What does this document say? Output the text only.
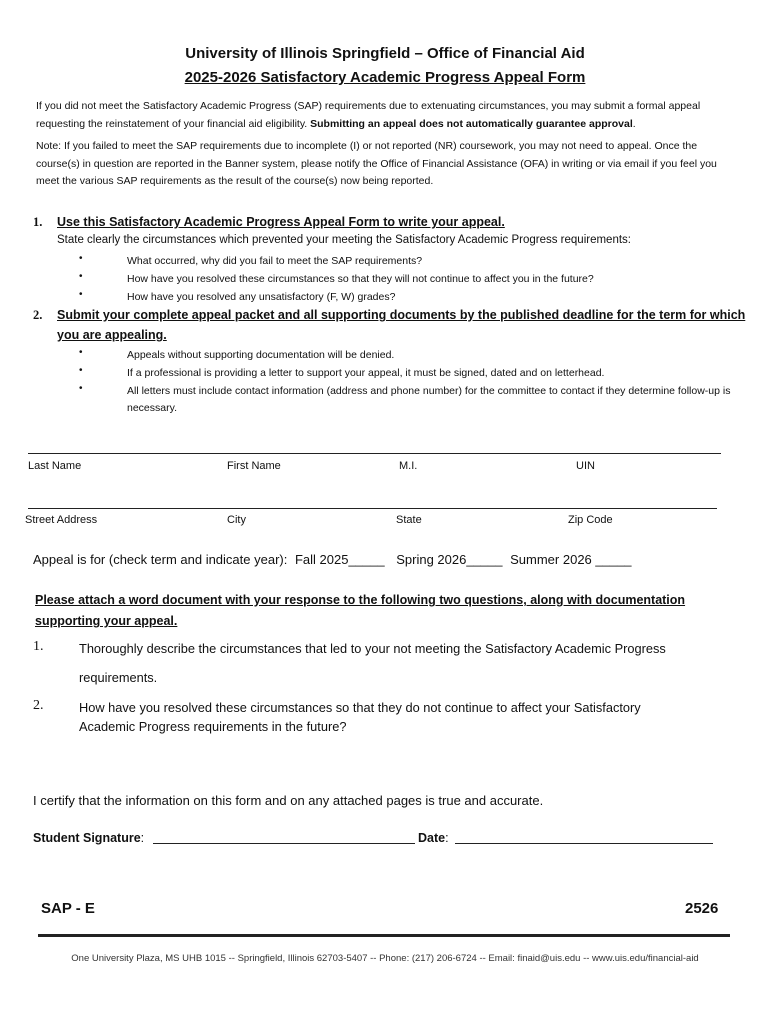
University of Illinois Springfield – Office of Financial Aid
2025-2026 Satisfactory Academic Progress Appeal Form
If you did not meet the Satisfactory Academic Progress (SAP) requirements due to extenuating circumstances, you may submit a formal appeal requesting the reinstatement of your financial aid eligibility. Submitting an appeal does not automatically guarantee approval.
Note: If you failed to meet the SAP requirements due to incomplete (I) or not reported (NR) coursework, you may not need to appeal. Once the course(s) in question are reported in the Banner system, please notify the Office of Financial Assistance (OFA) in writing or via email if you feel you meet the various SAP requirements as the result of the course(s) now being reported.
1. Use this Satisfactory Academic Progress Appeal Form to write your appeal.
State clearly the circumstances which prevented your meeting the Satisfactory Academic Progress requirements:
•	What occurred, why did you fail to meet the SAP requirements?
•	How have you resolved these circumstances so that they will not continue to affect you in the future?
•	How have you resolved any unsatisfactory (F, W) grades?
2. Submit your complete appeal packet and all supporting documents by the published deadline for the term for which you are appealing.
•	Appeals without supporting documentation will be denied.
•	If a professional is providing a letter to support your appeal, it must be signed, dated and on letterhead.
•	All letters must include contact information (address and phone number) for the committee to contact if they determine follow-up is necessary.
Last Name	First Name	M.I.	UIN
Street Address	City	State	Zip Code
Appeal is for (check term and indicate year): Fall 2025_____ Spring 2026_____ Summer 2026 _____
Please attach a word document with your response to the following two questions, along with documentation supporting your appeal.
1.	Thoroughly describe the circumstances that led to your not meeting the Satisfactory Academic Progress
requirements.
2.	How have you resolved these circumstances so that they do not continue to affect your Satisfactory
Academic Progress requirements in the future?
I certify that the information on this form and on any attached pages is true and accurate.
Student Signature:	Date:
SAP - E	2526
One University Plaza, MS UHB 1015 -- Springfield, Illinois 62703-5407 -- Phone: (217) 206-6724 -- Email: finaid@uis.edu -- www.uis.edu/financial-aid
